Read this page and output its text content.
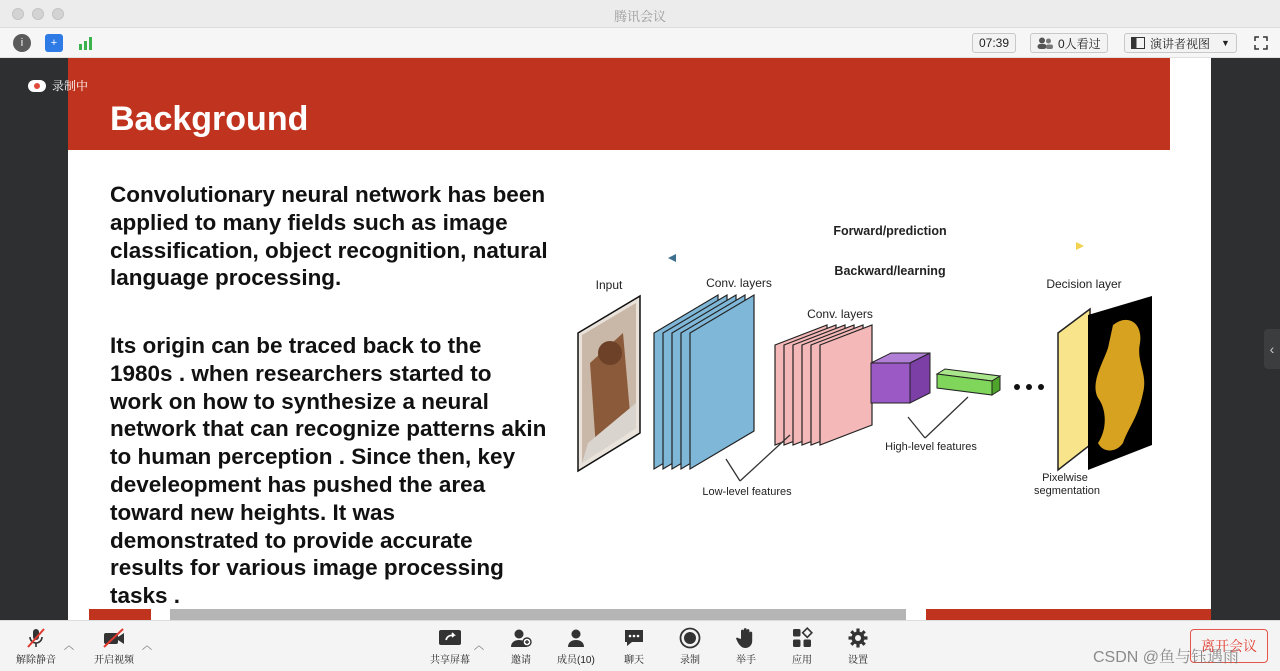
腾讯会议
i	+	07:39	0人看过	演讲者视图 ▼
Background
Convolutionary neural network has been applied to many fields such as image classification, object recognition, natural language processing.
Its origin can be traced back to the 1980s . when researchers started to work on how to synthesize a neural network that can recognize patterns akin to human perception . Since then, key develeopment has pushed the area toward new heights. It was demonstrated to provide accurate results for various image processing tasks .
Forward/prediction
Backward/learning
Input	Conv. layers
Conv. layers
Decision layer
Low-level features
High-level features
Pixelwise
segmentation
录制中
‹
解除静音
︿
开启视频
︿
共享屏幕
︿
邀请	成员(10)	聊天	录制	举手	应用	设置
离开会议
CSDN @鱼与钰遇雨
